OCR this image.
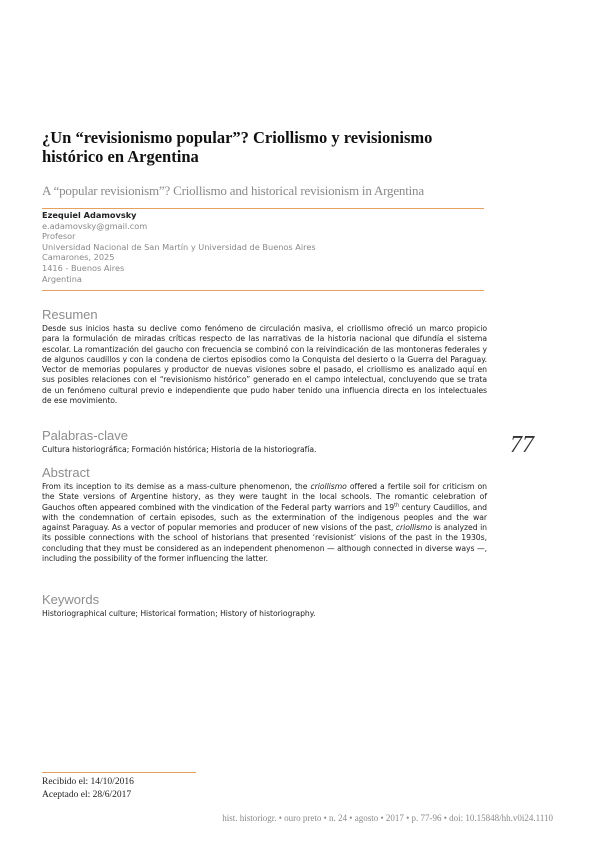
¿Un “revisionismo popular”? Criollismo y revisionismo histórico en Argentina

A “popular revisionism”? Criollismo and historical revisionism in Argentina

Ezequiel Adamovsky
e.adamovsky@gmail.com
Profesor
Universidad Nacional de San Martín y Universidad de Buenos Aires
Camarones, 2025
1416 - Buenos Aires
Argentina
Resumen

Desde sus inicios hasta su declive como fenómeno de circulación masiva, el criollismo ofreció un marco propicio para la formulación de miradas críticas respecto de las narrativas de la historia nacional que difundía el sistema escolar. La romantización del gaucho con frecuencia se combinó con la reivindicación de las montoneras federales y de algunos caudillos y con la condena de ciertos episodios como la Conquista del desierto o la Guerra del Paraguay. Vector de memorias populares y productor de nuevas visiones sobre el pasado, el criollismo es analizado aquí en sus posibles relaciones con el “revisionismo histórico” generado en el campo intelectual, concluyendo que se trata de un fenómeno cultural previo e independiente que pudo haber tenido una influencia directa en los intelectuales de ese movimiento.

Palabras-clave

Cultura historiográfica; Formación histórica; Historia de la historiografía.	77
Abstract

From its inception to its demise as a mass-culture phenomenon, the criollismo offered a fertile soil for criticism on the State versions of Argentine history, as they were taught in the local schools. The romantic celebration of Gauchos often appeared combined with the vindication of the Federal party warriors and 19th century Caudillos, and with the condemnation of certain episodes, such as the extermination of the indigenous peoples and the war against Paraguay. As a vector of popular memories and producer of new visions of the past, criollismo is analyzed in its possible connections with the school of historians that presented ‘revisionist’ visions of the past in the 1930s, concluding that they must be considered as an independent phenomenon — although connected in diverse ways —, including the possibility of the former influencing the latter.

Keywords

Historiographical culture; Historical formation; History of historiography.

Recibido el: 14/10/2016
Aceptado el: 28/6/2017
hist. historiogr. • ouro preto • n. 24 • agosto • 2017 • p. 77-96 • doi: 10.15848/hh.v0i24.1110
